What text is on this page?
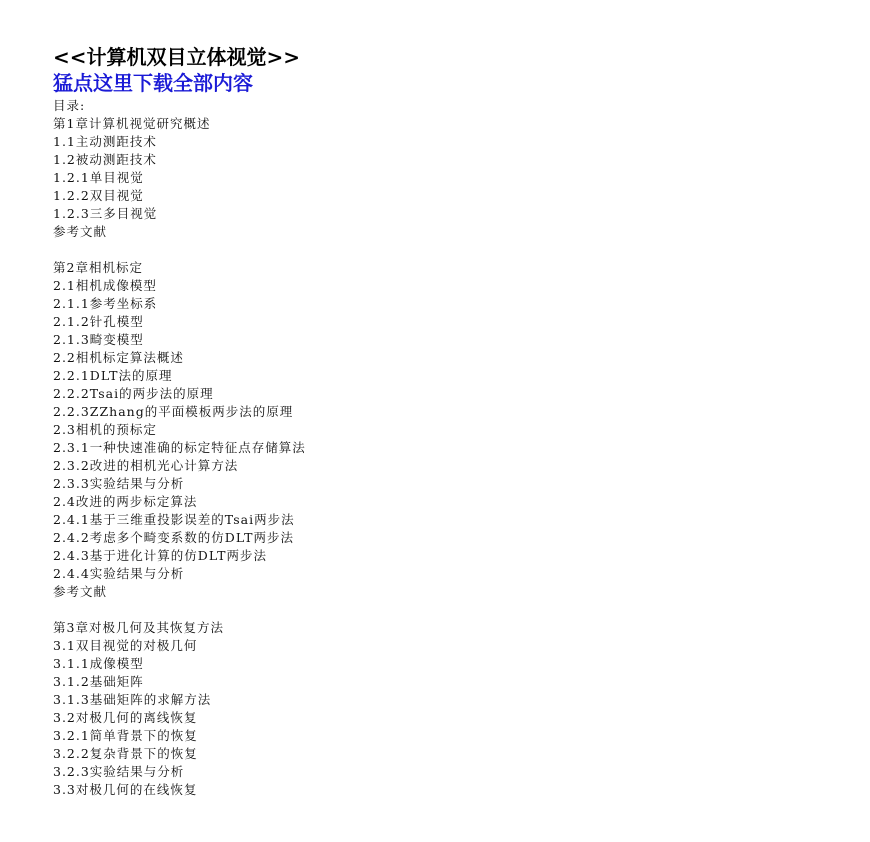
<<计算机双目立体视觉>>
猛点这里下载全部内容
目录:
第1章计算机视觉研究概述
1.1主动测距技术
1.2被动测距技术
1.2.1单目视觉
1.2.2双目视觉
1.2.3三多目视觉
参考文献
第2章相机标定
2.1相机成像模型
2.1.1参考坐标系
2.1.2针孔模型
2.1.3畸变模型
2.2相机标定算法概述
2.2.1DLT法的原理
2.2.2Tsai的两步法的原理
2.2.3ZZhang的平面模板两步法的原理
2.3相机的预标定
2.3.1一种快速准确的标定特征点存储算法
2.3.2改进的相机光心计算方法
2.3.3实验结果与分析
2.4改进的两步标定算法
2.4.1基于三维重投影误差的Tsai两步法
2.4.2考虑多个畸变系数的仿DLT两步法
2.4.3基于进化计算的仿DLT两步法
2.4.4实验结果与分析
参考文献
第3章对极几何及其恢复方法
3.1双目视觉的对极几何
3.1.1成像模型
3.1.2基础矩阵
3.1.3基础矩阵的求解方法
3.2对极几何的离线恢复
3.2.1简单背景下的恢复
3.2.2复杂背景下的恢复
3.2.3实验结果与分析
3.3对极几何的在线恢复
